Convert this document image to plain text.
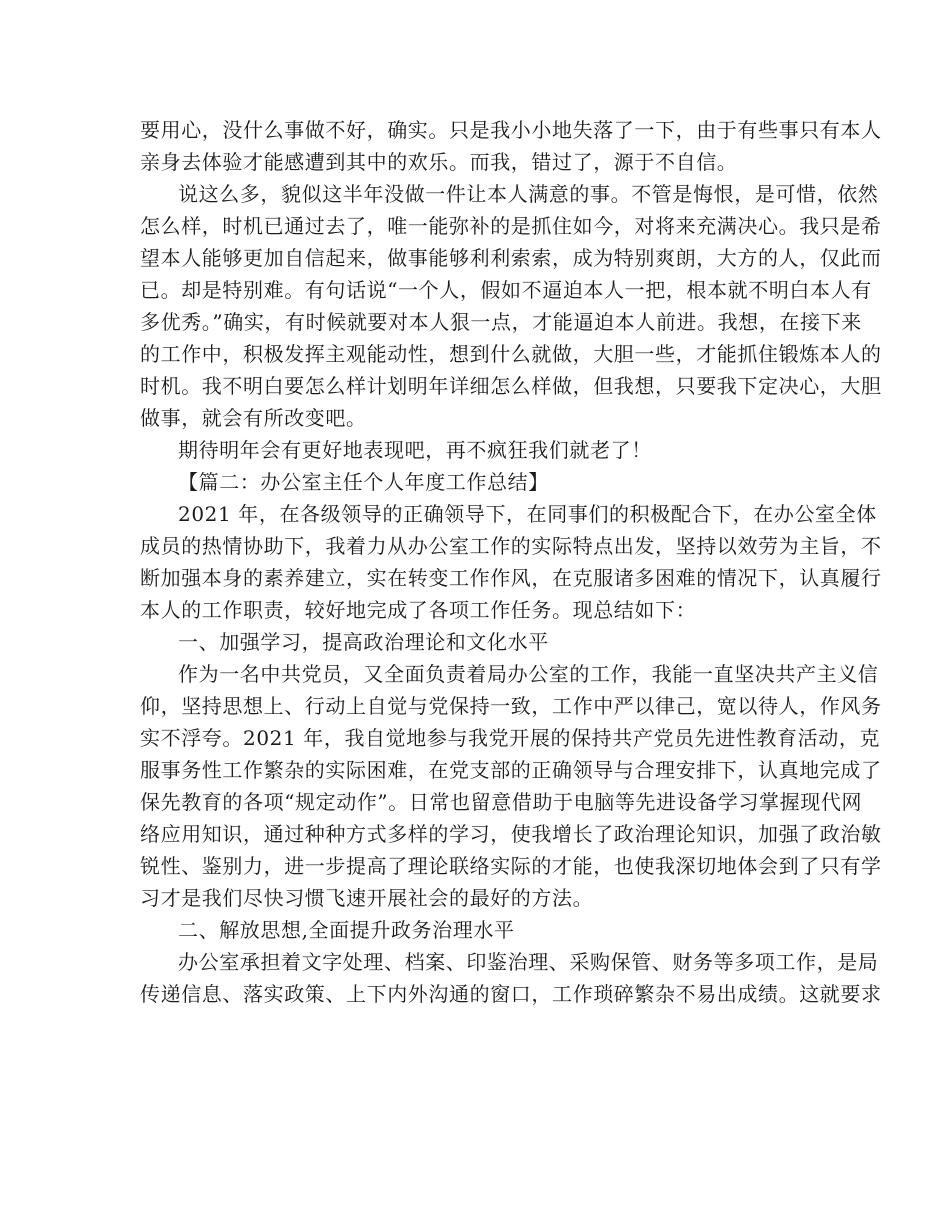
要用心，没什么事做不好，确实。只是我小小地失落了一下，由于有些事只有本人
亲身去体验才能感遭到其中的欢乐。而我，错过了，源于不自信。
说这么多，貌似这半年没做一件让本人满意的事。不管是悔恨，是可惜，依然
怎么样，时机已通过去了，唯一能弥补的是抓住如今，对将来充满决心。我只是希
望本人能够更加自信起来，做事能够利利索索，成为特别爽朗，大方的人，仅此而
已。却是特别难。有句话说“一个人，假如不逼迫本人一把，根本就不明白本人有
多优秀。”确实，有时候就要对本人狠一点，才能逼迫本人前进。我想，在接下来
的工作中，积极发挥主观能动性，想到什么就做，大胆一些，才能抓住锻炼本人的
时机。我不明白要怎么样计划明年详细怎么样做，但我想，只要我下定决心，大胆
做事，就会有所改变吧。
期待明年会有更好地表现吧，再不疯狂我们就老了！
【篇二：办公室主任个人年度工作总结】
2021 年，在各级领导的正确领导下，在同事们的积极配合下，在办公室全体
成员的热情协助下，我着力从办公室工作的实际特点出发，坚持以效劳为主旨，不
断加强本身的素养建立，实在转变工作作风，在克服诸多困难的情况下，认真履行
本人的工作职责，较好地完成了各项工作任务。现总结如下：
一、加强学习，提高政治理论和文化水平
作为一名中共党员，又全面负责着局办公室的工作，我能一直坚决共产主义信
仰，坚持思想上、行动上自觉与党保持一致，工作中严以律己，宽以待人，作风务
实不浮夸。2021 年，我自觉地参与我党开展的保持共产党员先进性教育活动，克
服事务性工作繁杂的实际困难，在党支部的正确领导与合理安排下，认真地完成了
保先教育的各项“规定动作”。日常也留意借助于电脑等先进设备学习掌握现代网
络应用知识，通过种种方式多样的学习，使我增长了政治理论知识，加强了政治敏
锐性、鉴别力，进一步提高了理论联络实际的才能，也使我深切地体会到了只有学
习才是我们尽快习惯飞速开展社会的最好的方法。
二、解放思想,全面提升政务治理水平
办公室承担着文字处理、档案、印鉴治理、采购保管、财务等多项工作，是局
传递信息、落实政策、上下内外沟通的窗口，工作琐碎繁杂不易出成绩。这就要求
